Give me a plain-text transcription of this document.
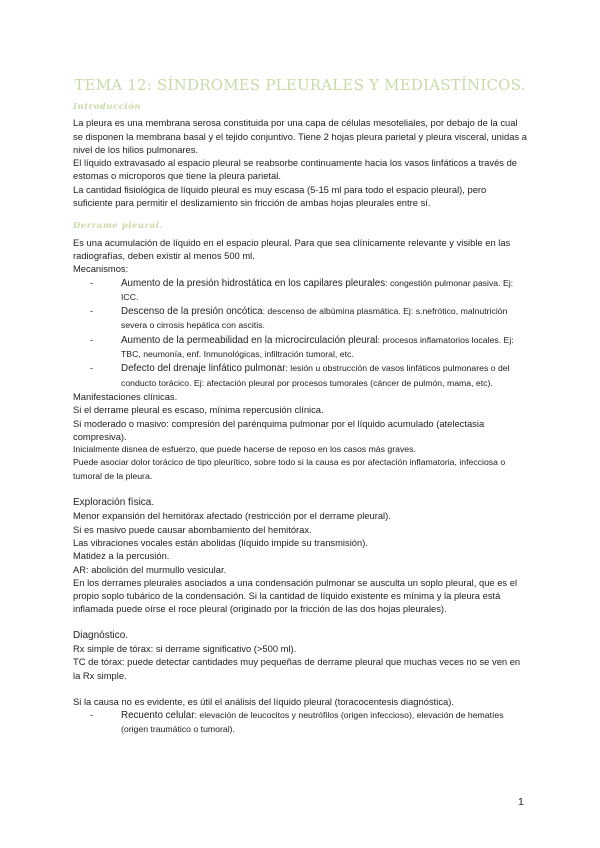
TEMA 12: SÍNDROMES PLEURALES Y MEDIASTÍNICOS.
Introducción

La pleura es una membrana serosa constituida por una capa de células mesoteliales, por debajo de la cual se disponen la membrana basal y el tejido conjuntivo. Tiene 2 hojas pleura parietal y pleura visceral, unidas a nivel de los hilios pulmonares.

El líquido extravasado al espacio pleural se reabsorbe continuamente hacia los vasos linfáticos a través de estomas o microporos que tiene la pleura parietal.

La cantidad fisiológica de líquido pleural es muy escasa (5-15 ml para todo el espacio pleural), pero suficiente para permitir el deslizamiento sin fricción de ambas hojas pleurales entre sí.

Derrame pleural.

Es una acumulación de líquido en el espacio pleural. Para que sea clínicamente relevante y visible en las radiografías, deben existir al menos 500 ml.

Mecanismos:

-	Aumento de la presión hidrostática en los capilares pleurales: congestión pulmonar pasiva. Ej: ICC.
-	Descenso de la presión oncótica: descenso de albúmina plasmática. Ej: s.nefrótico, malnutrición severa o cirrosis hepática con ascitis.
-	Aumento de la permeabilidad en la microcirculación pleural: procesos inflamatorios locales. Ej: TBC, neumonía, enf. Inmunológicas, infiltración tumoral, etc.
-	Defecto del drenaje linfático pulmonar: lesión u obstrucción de vasos linfáticos pulmonares o del conducto torácico. Ej: afectación pleural por procesos tumorales (cáncer de pulmón, mama, etc).

Manifestaciones clínicas.

Si el derrame pleural es escaso, mínima repercusión clínica.

Si moderado o masivo: compresión del parénquima pulmonar por el líquido acumulado (atelectasia compresiva).

Inicialmente disnea de esfuerzo, que puede hacerse de reposo en los casos más graves.

Puede asociar dolor torácico de tipo pleurítico, sobre todo si la causa es por afectación inflamatoria, infecciosa o tumoral de la pleura.

Exploración física.

Menor expansión del hemitórax afectado (restricción por el derrame pleural).

Si es masivo puede causar abombamiento del hemitórax.

Las vibraciones vocales están abolidas (líquido impide su transmisión).

Matidez a la percusión.

AR: abolición del murmullo vesicular.

En los derrames pleurales asociados a una condensación pulmonar se ausculta un soplo pleural, que es el propio soplo tubárico de la condensación. Si la cantidad de líquido existente es mínima y la pleura está inflamada puede oírse el roce pleural (originado por la fricción de las dos hojas pleurales).

Diagnóstico.

Rx simple de tórax: si derrame significativo (>500 ml).

TC de tórax: puede detectar cantidades muy pequeñas de derrame pleural que muchas veces no se ven en la Rx simple.

Si la causa no es evidente, es útil el análisis del líquido pleural (toracocentesis diagnóstica).

-	Recuento celular: elevación de leucocitos y neutrófilos (origen infeccioso), elevación de hematíes (origen traumático o tumoral).
1
